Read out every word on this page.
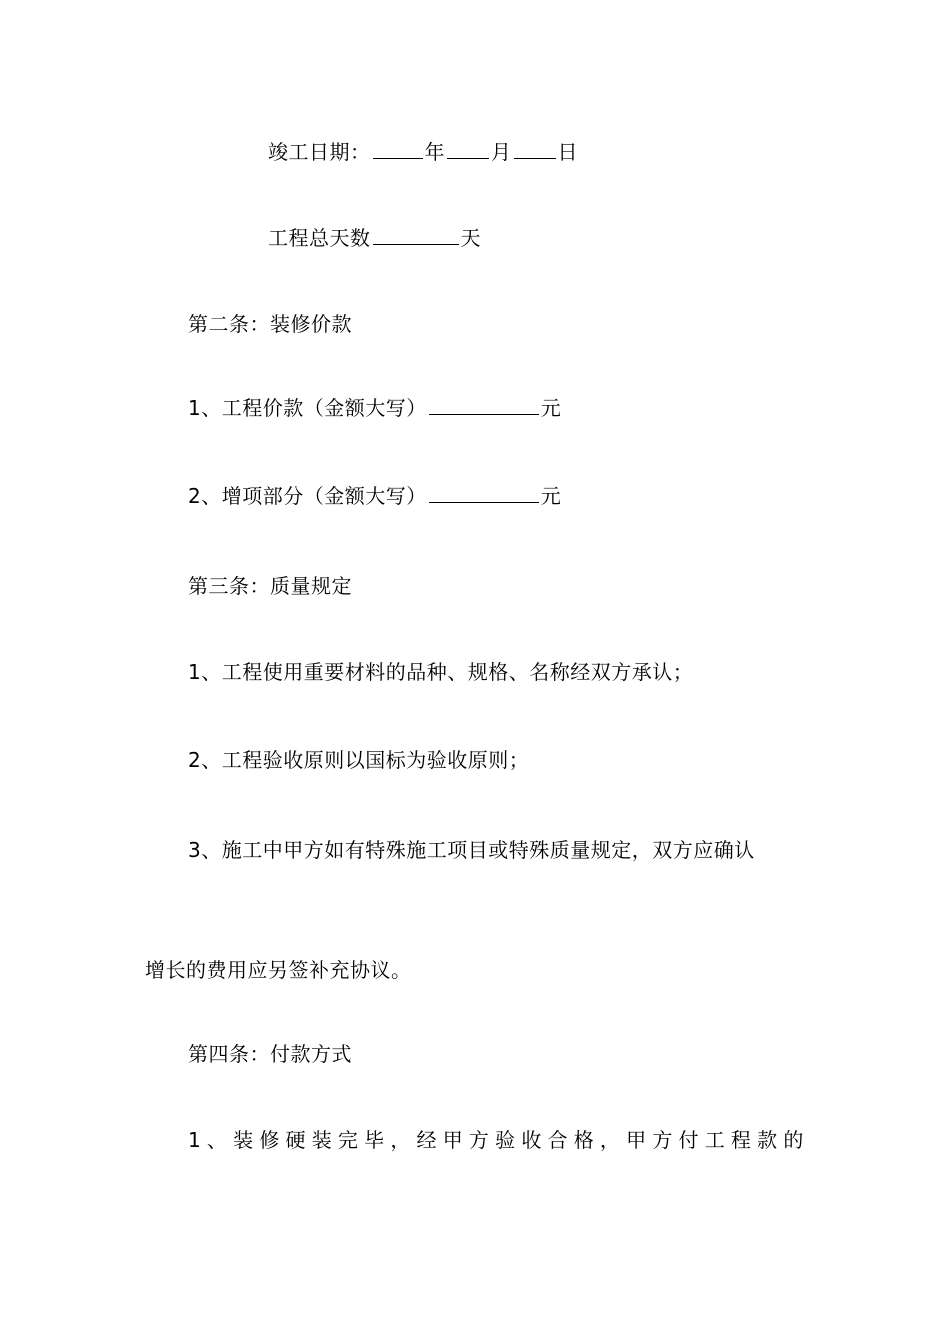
竣工日期：	年 月 日
工程总天数	天
第二条：装修价款
1、工程价款（金额大写）	元
2、增项部分（金额大写）	元
第三条：质量规定
1、工程使用重要材料的品种、规格、名称经双方承认；
2、工程验收原则以国标为验收原则；
3、施工中甲方如有特殊施工项目或特殊质量规定，双方应确认
增长的费用应另签补充协议。
第四条：付款方式
1、装修硬装完毕，经甲方验收合格，甲方付工程款的
